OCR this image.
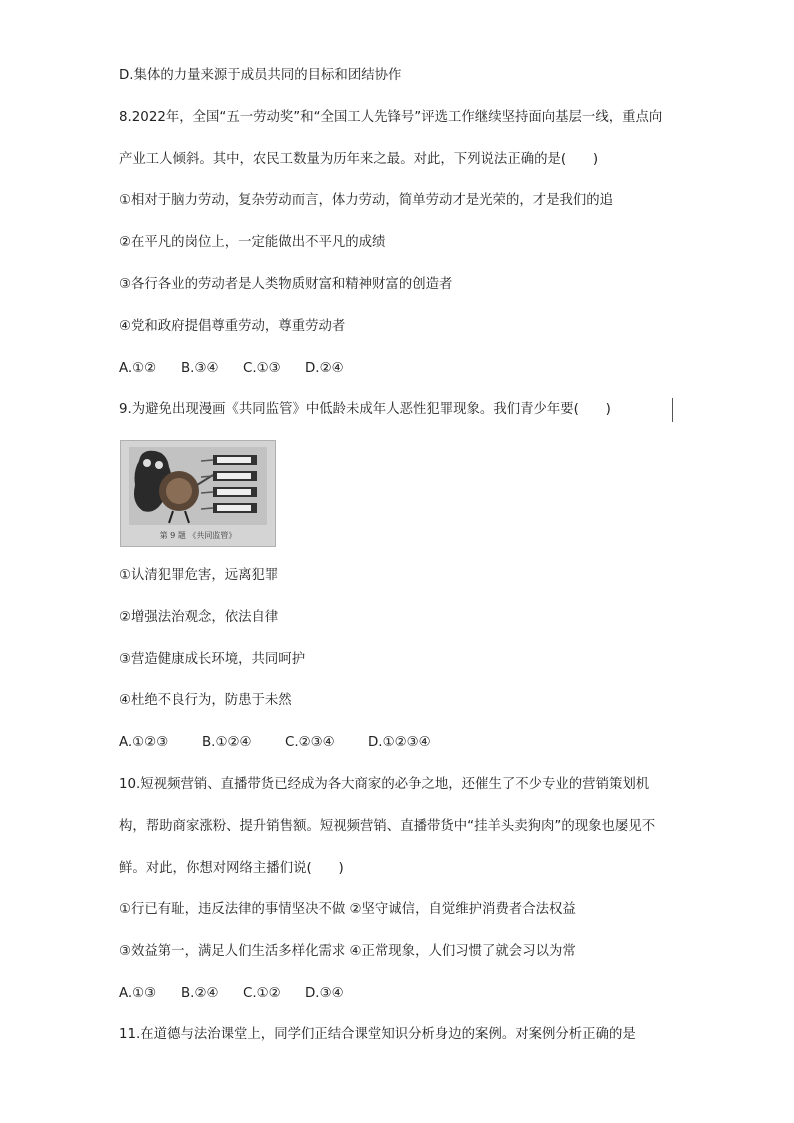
D.集体的力量来源于成员共同的目标和团结协作
8.2022年，全国“五一劳动奖”和“全国工人先锋号”评选工作继续坚持面向基层一线，重点向
产业工人倾斜。其中，农民工数量为历年来之最。对此，下列说法正确的是(　　)
①相对于脑力劳动，复杂劳动而言，体力劳动，简单劳动才是光荣的，才是我们的追
②在平凡的岗位上，一定能做出不平凡的成绩
③各行各业的劳动者是人类物质财富和精神财富的创造者
④党和政府提倡尊重劳动，尊重劳动者
A.①② B.③④ C.①③ D.②④
9.为避免出现漫画《共同监管》中低龄未成年人恶性犯罪现象。我们青少年要(　　)
第 9 题 《共同监管》
①认清犯罪危害，远离犯罪
②增强法治观念，依法自律
③营造健康成长环境，共同呵护
④杜绝不良行为，防患于未然
A.①②③	B.①②④	C.②③④ D.①②③④
10.短视频营销、直播带货已经成为各大商家的必争之地，还催生了不少专业的营销策划机
构，帮助商家涨粉、提升销售额。短视频营销、直播带货中“挂羊头卖狗肉”的现象也屡见不
鲜。对此，你想对网络主播们说(　　)
①行已有耻，违反法律的事情坚决不做 ②坚守诚信，自觉维护消费者合法权益
③效益第一，满足人们生活多样化需求 ④正常现象，人们习惯了就会习以为常
A.①③ B.②④ C.①② D.③④
11.在道德与法治课堂上，同学们正结合课堂知识分析身边的案例。对案例分析正确的是
